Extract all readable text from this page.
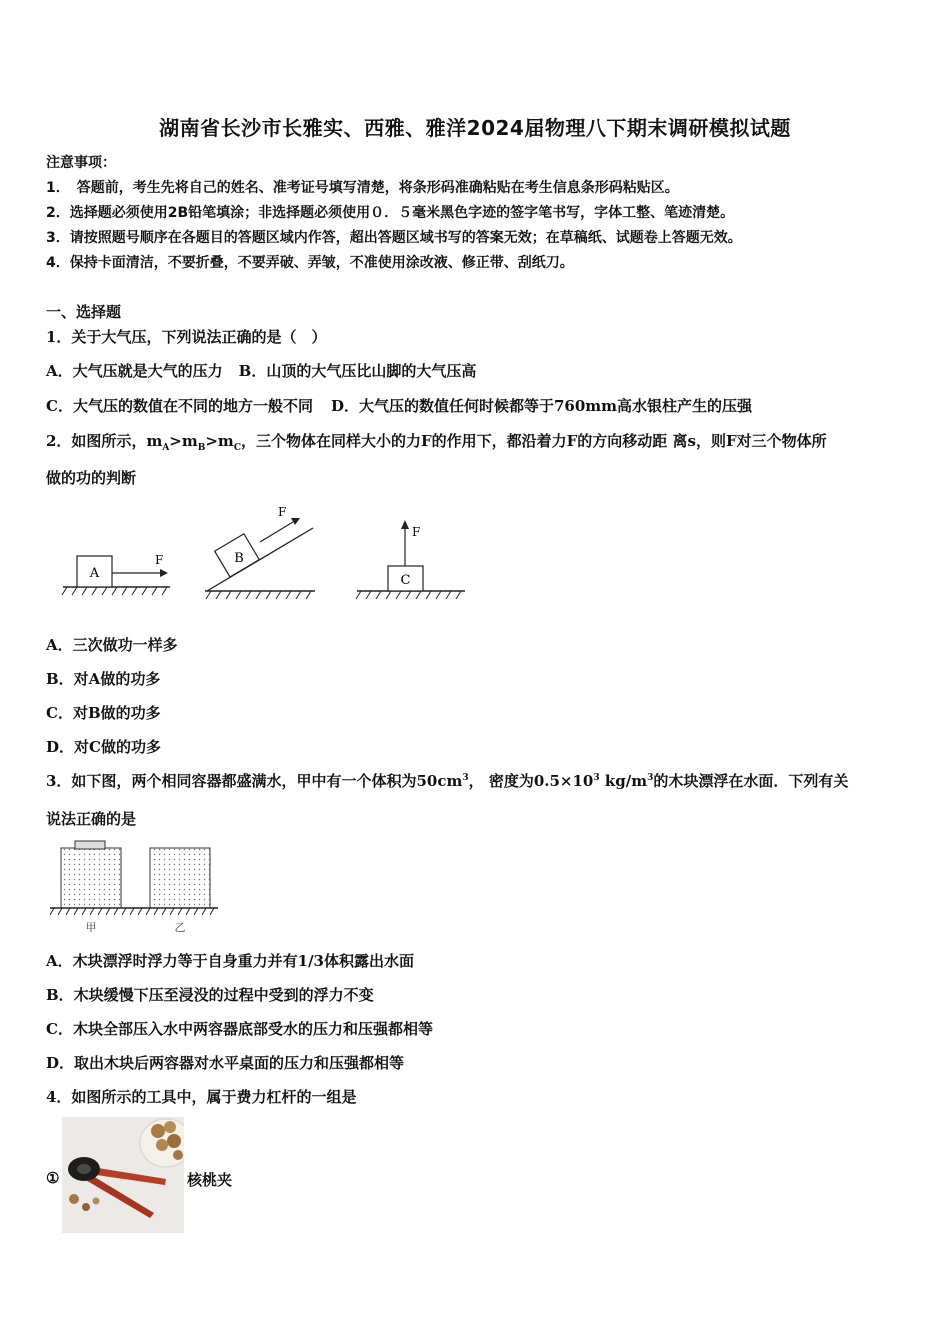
湖南省长沙市长雅实、西雅、雅洋2024届物理八下期末调研模拟试题
注意事项：
1．　答题前，考生先将自己的姓名、准考证号填写清楚，将条形码准确粘贴在考生信息条形码粘贴区。
2．选择题必须使用2B铅笔填涂；非选择题必须使用０．５毫米黑色字迹的签字笔书写，字体工整、笔迹清楚。
3．请按照题号顺序在各题目的答题区域内作答，超出答题区域书写的答案无效；在草稿纸、试题卷上答题无效。
4．保持卡面清洁，不要折叠，不要弄破、弄皱，不准使用涂改液、修正带、刮纸刀。
一、选择题
1．关于大气压，下列说法正确的是（　）
A．大气压就是大气的压力 B．山顶的大气压比山脚的大气压高
C．大气压的数值在不同的地方一般不同 D．大气压的数值任何时候都等于760mm高水银柱产生的压强
2．如图所示，$m_A>m_B>m_C$，三个物体在同样大小的力F的作用下，都沿着力F的方向移动距 离s，则F对三个物体所
做的功的判断
A
F	B
F
C
F
A．三次做功一样多
B．对A做的功多
C．对B做的功多
D．对C做的功多
3．如下图，两个相同容器都盛满水，甲中有一个体积为$50cm^3$， 密度为$0.5\times 10^3$ $kg/m^3$的木块漂浮在水面．下列有关
说法正确的是
甲	乙
A．木块漂浮时浮力等于自身重力并有1/3体积露出水面
B．木块缓慢下压至浸没的过程中受到的浮力不变
C．木块全部压入水中两容器底部受水的压力和压强都相等
D．取出木块后两容器对水平桌面的压力和压强都相等
4．如图所示的工具中，属于费力杠杆的一组是
①	核桃夹
